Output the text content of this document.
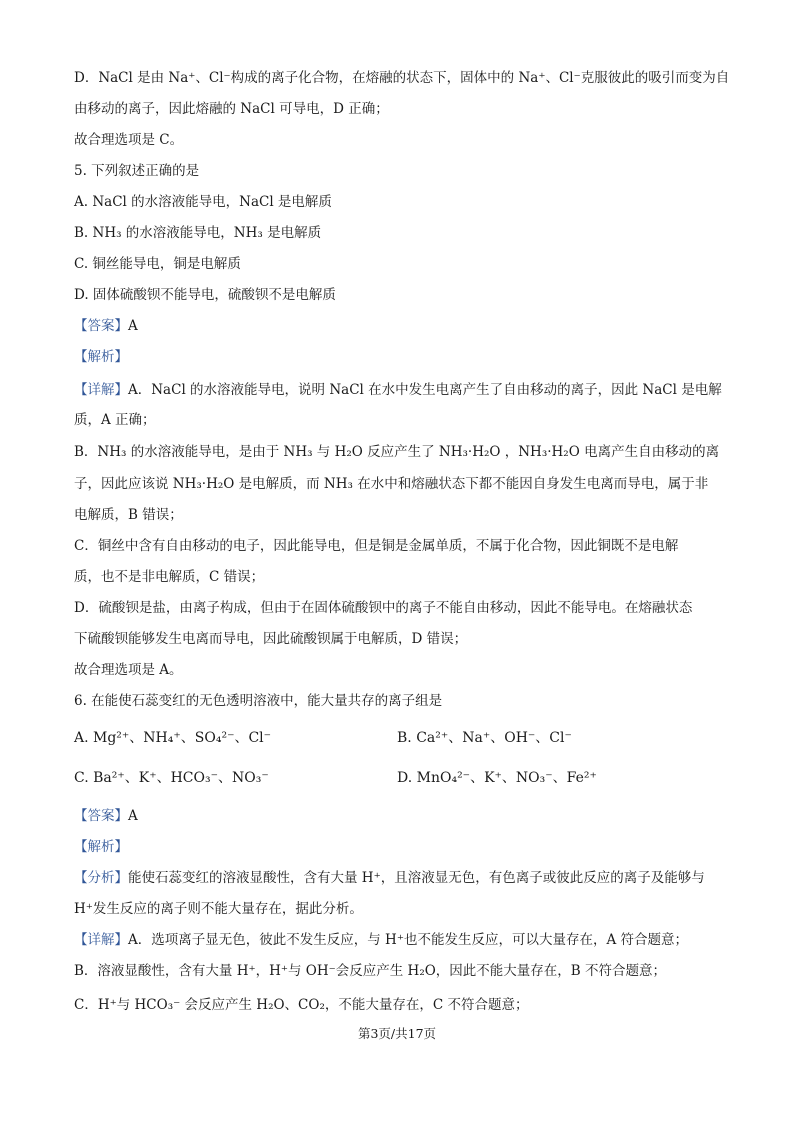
D．NaCl 是由 Na⁺、Cl⁻构成的离子化合物，在熔融的状态下，固体中的 Na⁺、Cl⁻克服彼此的吸引而变为自
由移动的离子，因此熔融的 NaCl 可导电，D 正确；
故合理选项是 C。
5. 下列叙述正确的是
A. NaCl 的水溶液能导电，NaCl 是电解质
B. NH₃ 的水溶液能导电，NH₃ 是电解质
C. 铜丝能导电，铜是电解质
D. 固体硫酸钡不能导电，硫酸钡不是电解质
【答案】A
【解析】
【详解】A．NaCl 的水溶液能导电，说明 NaCl 在水中发生电离产生了自由移动的离子，因此 NaCl 是电解
质，A 正确；
B．NH₃ 的水溶液能导电，是由于 NH₃ 与 H₂O 反应产生了 NH₃·H₂O ，NH₃·H₂O 电离产生自由移动的离
子，因此应该说 NH₃·H₂O 是电解质，而 NH₃ 在水中和熔融状态下都不能因自身发生电离而导电，属于非
电解质，B 错误；
C．铜丝中含有自由移动的电子，因此能导电，但是铜是金属单质，不属于化合物，因此铜既不是电解
质，也不是非电解质，C 错误；
D．硫酸钡是盐，由离子构成，但由于在固体硫酸钡中的离子不能自由移动，因此不能导电。在熔融状态
下硫酸钡能够发生电离而导电，因此硫酸钡属于电解质，D 错误；
故合理选项是 A。
6. 在能使石蕊变红的无色透明溶液中，能大量共存的离子组是
A. Mg²⁺、NH₄⁺、SO₄²⁻、Cl⁻	B. Ca²⁺、Na⁺、OH⁻、Cl⁻
C. Ba²⁺、K⁺、HCO₃⁻、NO₃⁻	D. MnO₄²⁻、K⁺、NO₃⁻、Fe²⁺
【答案】A
【解析】
【分析】能使石蕊变红的溶液显酸性，含有大量 H⁺，且溶液显无色，有色离子或彼此反应的离子及能够与
H⁺发生反应的离子则不能大量存在，据此分析。
【详解】A．选项离子显无色，彼此不发生反应，与 H⁺也不能发生反应，可以大量存在，A 符合题意；
B．溶液显酸性，含有大量 H⁺，H⁺与 OH⁻会反应产生 H₂O，因此不能大量存在，B 不符合题意；
C．H⁺与 HCO₃⁻ 会反应产生 H₂O、CO₂，不能大量存在，C 不符合题意；
第3页/共17页
